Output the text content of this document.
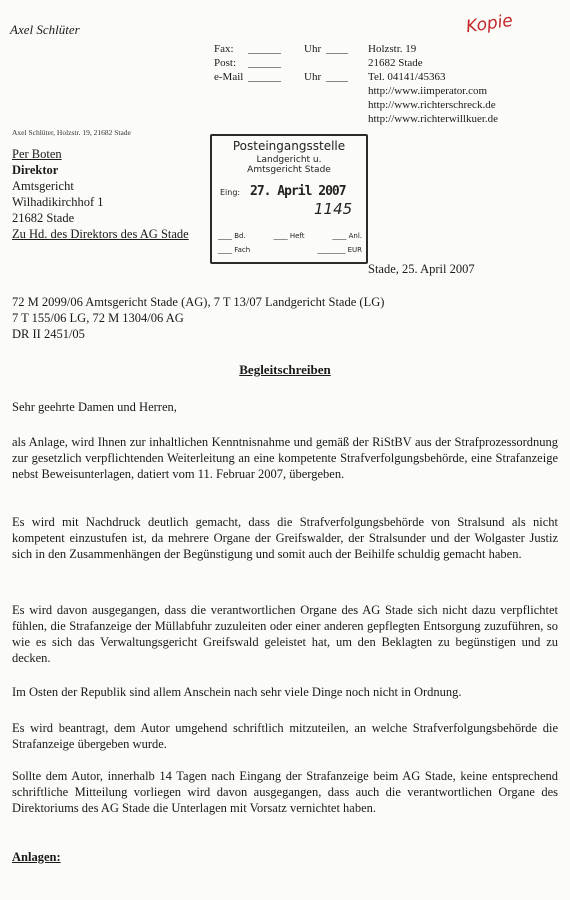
Axel Schlüter	Kopie
Fax:	______	Uhr ____
Post:	______
e-Mail ______	Uhr ____
Holzstr. 19
21682 Stade
Tel. 04141/45363
http://www.iimperator.com
http://www.richterschreck.de
http://www.richterwillkuer.de
Axel Schlüter, Holzstr. 19, 21682 Stade
Per Boten
Direktor
Amtsgericht
Wilhadikirchhof 1
21682 Stade
Zu Hd. des Direktors des AG Stade
Posteingangsstelle
Landgericht u.
Amtsgericht Stade
Eing: 27. April 2007
1145
____ Bd.	____ Heft	____ Anl.
____ Fach	________ EUR
Stade, 25. April 2007
72 M 2099/06 Amtsgericht Stade (AG), 7 T 13/07 Landgericht Stade (LG)
7 T 155/06 LG, 72 M 1304/06 AG
DR II 2451/05
Begleitschreiben
Sehr geehrte Damen und Herren,
als Anlage, wird Ihnen zur inhaltlichen Kenntnisnahme und gemäß der RiStBV aus der Strafprozessordnung zur gesetzlich verpflichtenden Weiterleitung an eine kompetente Strafverfolgungsbehörde, eine Strafanzeige nebst Beweisunterlagen, datiert vom 11. Februar 2007, übergeben.
Es wird mit Nachdruck deutlich gemacht, dass die Strafverfolgungsbehörde von Stralsund als nicht kompetent einzustufen ist, da mehrere Organe der Greifswalder, der Stralsunder und der Wolgaster Justiz sich in den Zusammenhängen der Begünstigung und somit auch der Beihilfe schuldig gemacht haben.
Es wird davon ausgegangen, dass die verantwortlichen Organe des AG Stade sich nicht dazu verpflichtet fühlen, die Strafanzeige der Müllabfuhr zuzuleiten oder einer anderen gepflegten Entsorgung zuzuführen, so wie es sich das Verwaltungsgericht Greifswald geleistet hat, um den Beklagten zu begünstigen und zu decken.
Im Osten der Republik sind allem Anschein nach sehr viele Dinge noch nicht in Ordnung.
Es wird beantragt, dem Autor umgehend schriftlich mitzuteilen, an welche Strafverfolgungsbehörde die Strafanzeige übergeben wurde.
Sollte dem Autor, innerhalb 14 Tagen nach Eingang der Strafanzeige beim AG Stade, keine entsprechend schriftliche Mitteilung vorliegen wird davon ausgegangen, dass auch die verantwortlichen Organe des Direktoriums des AG Stade die Unterlagen mit Vorsatz vernichtet haben.
Anlagen:
